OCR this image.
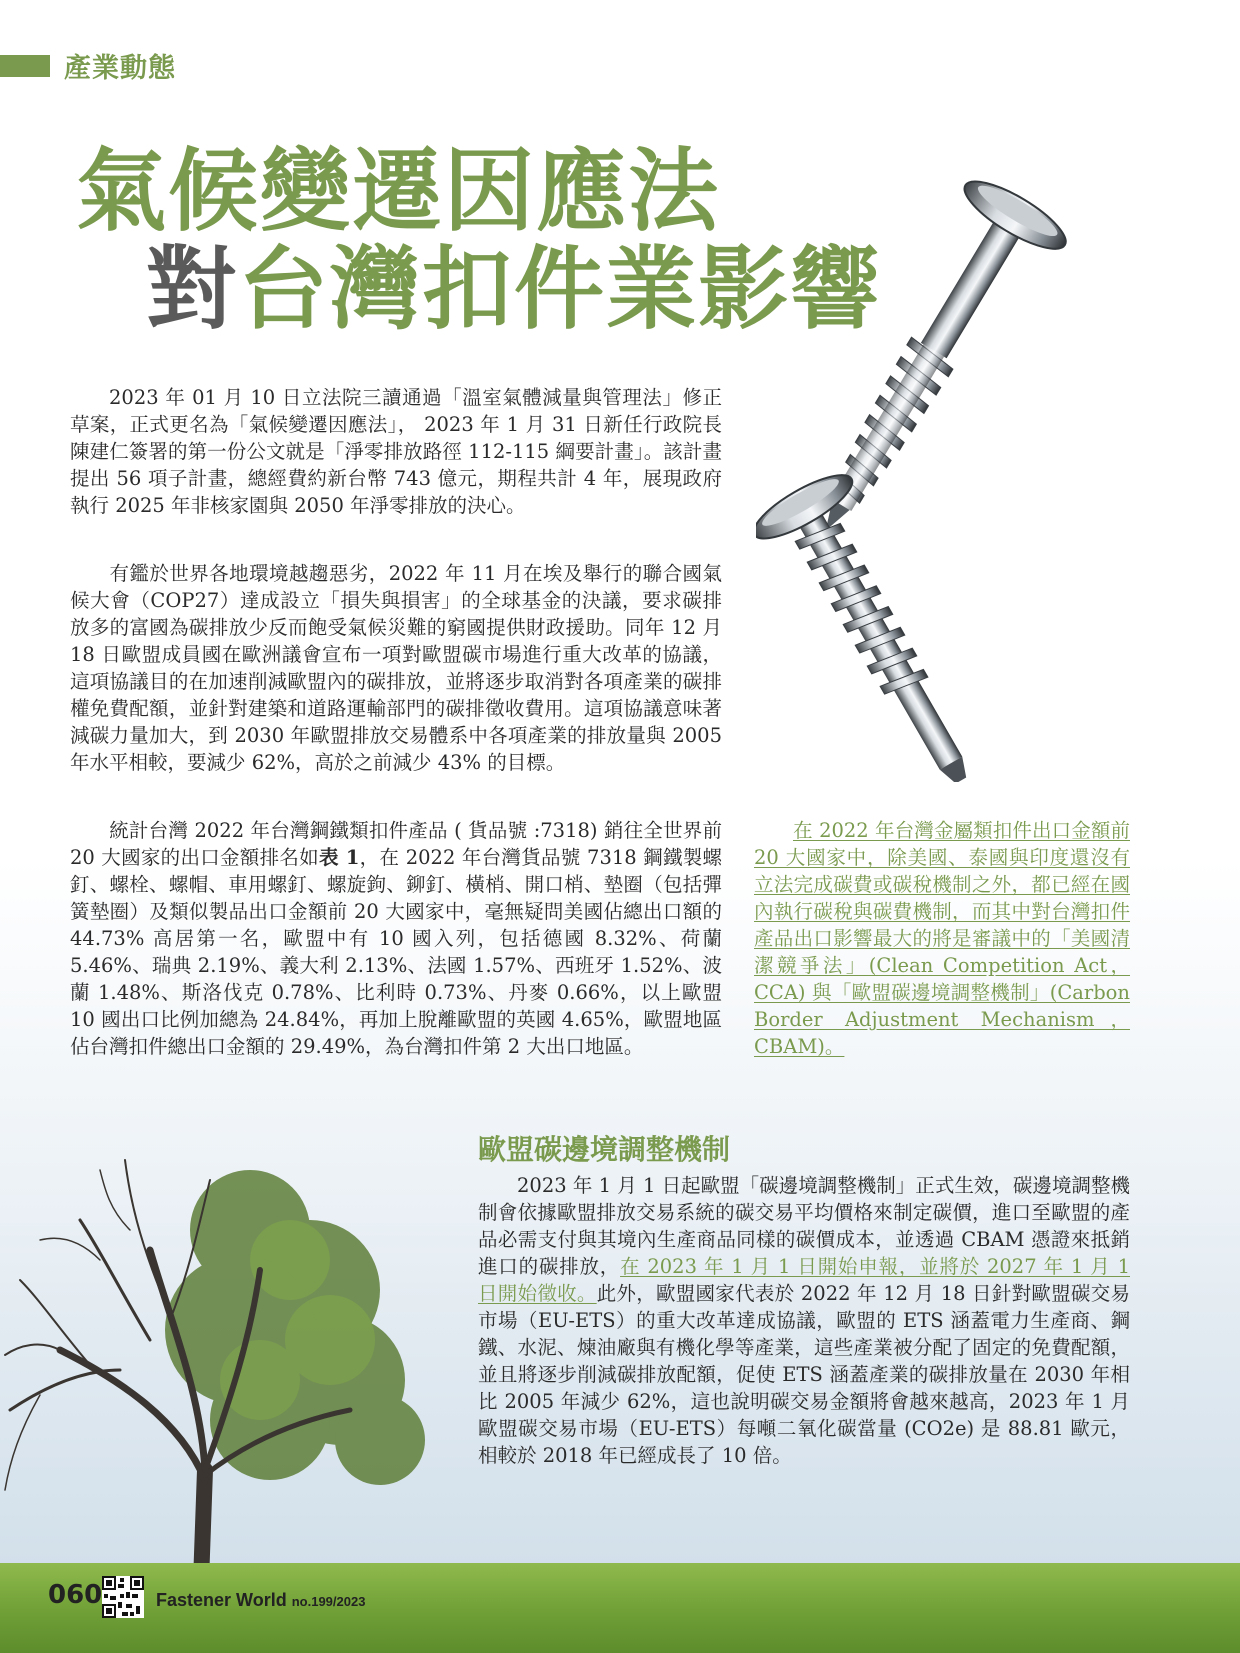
產業動態
氣候變遷因應法
對台灣扣件業影響

2023 年 01 月 10 日立法院三讀通過「溫室氣體減量與管理法」修正草案，正式更名為「氣候變遷因應法」， 2023 年 1 月 31 日新任行政院長陳建仁簽署的第一份公文就是「淨零排放路徑 112-115 綱要計畫」。該計畫提出 56 項子計畫，總經費約新台幣 743 億元，期程共計 4 年，展現政府執行 2025 年非核家園與 2050 年淨零排放的決心。

有鑑於世界各地環境越趨惡劣，2022 年 11 月在埃及舉行的聯合國氣候大會（COP27）達成設立「損失與損害」的全球基金的決議，要求碳排放多的富國為碳排放少反而飽受氣候災難的窮國提供財政援助。同年 12 月 18 日歐盟成員國在歐洲議會宣布一項對歐盟碳市場進行重大改革的協議，這項協議目的在加速削減歐盟內的碳排放，並將逐步取消對各項產業的碳排權免費配額，並針對建築和道路運輸部門的碳排徵收費用。這項協議意味著減碳力量加大，到 2030 年歐盟排放交易體系中各項產業的排放量與 2005 年水平相較，要減少 62%，高於之前減少 43% 的目標。

統計台灣 2022 年台灣鋼鐵類扣件產品 ( 貨品號 :7318) 銷往全世界前 20 大國家的出口金額排名如表 1，在 2022 年台灣貨品號 7318 鋼鐵製螺釘、螺栓、螺帽、車用螺釘、螺旋鉤、鉚釘、橫梢、開口梢、墊圈（包括彈簧墊圈）及類似製品出口金額前 20 大國家中，毫無疑問美國佔總出口額的 44.73% 高居第一名，歐盟中有 10 國入列，包括德國 8.32%、荷蘭 5.46%、瑞典 2.19%、義大利 2.13%、法國 1.57%、西班牙 1.52%、波蘭 1.48%、斯洛伐克 0.78%、比利時 0.73%、丹麥 0.66%，以上歐盟 10 國出口比例加總為 24.84%，再加上脫離歐盟的英國 4.65%，歐盟地區佔台灣扣件總出口金額的 29.49%，為台灣扣件第 2 大出口地區。

在 2022 年台灣金屬類扣件出口金額前 20 大國家中，除美國、泰國與印度還沒有立法完成碳費或碳稅機制之外，都已經在國內執行碳稅與碳費機制，而其中對台灣扣件產品出口影響最大的將是審議中的「美國清潔競爭法」(Clean Competition Act，CCA) 與「歐盟碳邊境調整機制」(Carbon Border Adjustment Mechanism，CBAM)。

歐盟碳邊境調整機制

2023 年 1 月 1 日起歐盟「碳邊境調整機制」正式生效，碳邊境調整機制會依據歐盟排放交易系統的碳交易平均價格來制定碳價，進口至歐盟的產品必需支付與其境內生產商品同樣的碳價成本，並透過 CBAM 憑證來抵銷進口的碳排放，在 2023 年 1 月 1 日開始申報，並將於 2027 年 1 月 1 日開始徵收。此外，歐盟國家代表於 2022 年 12 月 18 日針對歐盟碳交易市場（EU-ETS）的重大改革達成協議，歐盟的 ETS 涵蓋電力生產商、鋼鐵、水泥、煉油廠與有機化學等產業，這些產業被分配了固定的免費配額，並且將逐步削減碳排放配額，促使 ETS 涵蓋產業的碳排放量在 2030 年相比 2005 年減少 62%，這也說明碳交易金額將會越來越高，2023 年 1 月歐盟碳交易市場（EU-ETS）每噸二氧化碳當量 (CO2e) 是 88.81 歐元，相較於 2018 年已經成長了 10 倍。

060	Fastener World no.199/2023
